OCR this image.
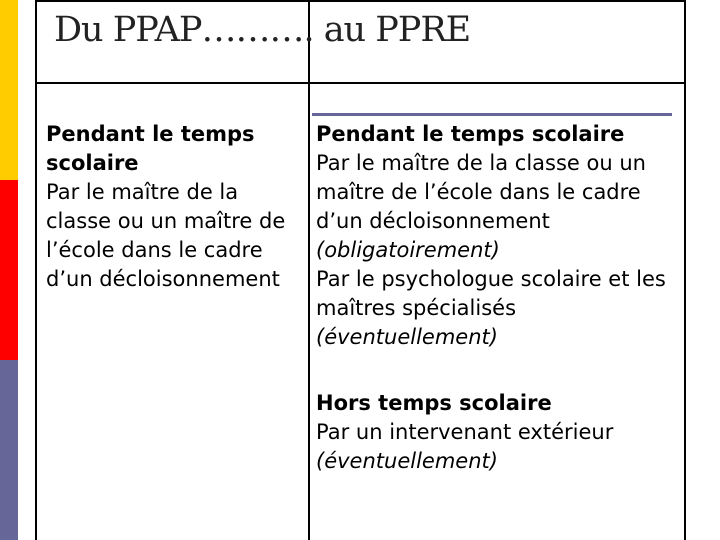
Du PPAP………. au PPRE

Pendant le temps scolaire

Par le maître de la classe ou un maître de l’école dans le cadre d’un décloisonnement

Pendant le temps scolaire

Par le maître de la classe ou un maître de l’école dans le cadre d’un décloisonnement

(obligatoirement)

Par le psychologue scolaire et les maîtres spécialisés

(éventuellement)

Hors temps scolaire

Par un intervenant extérieur

(éventuellement)
